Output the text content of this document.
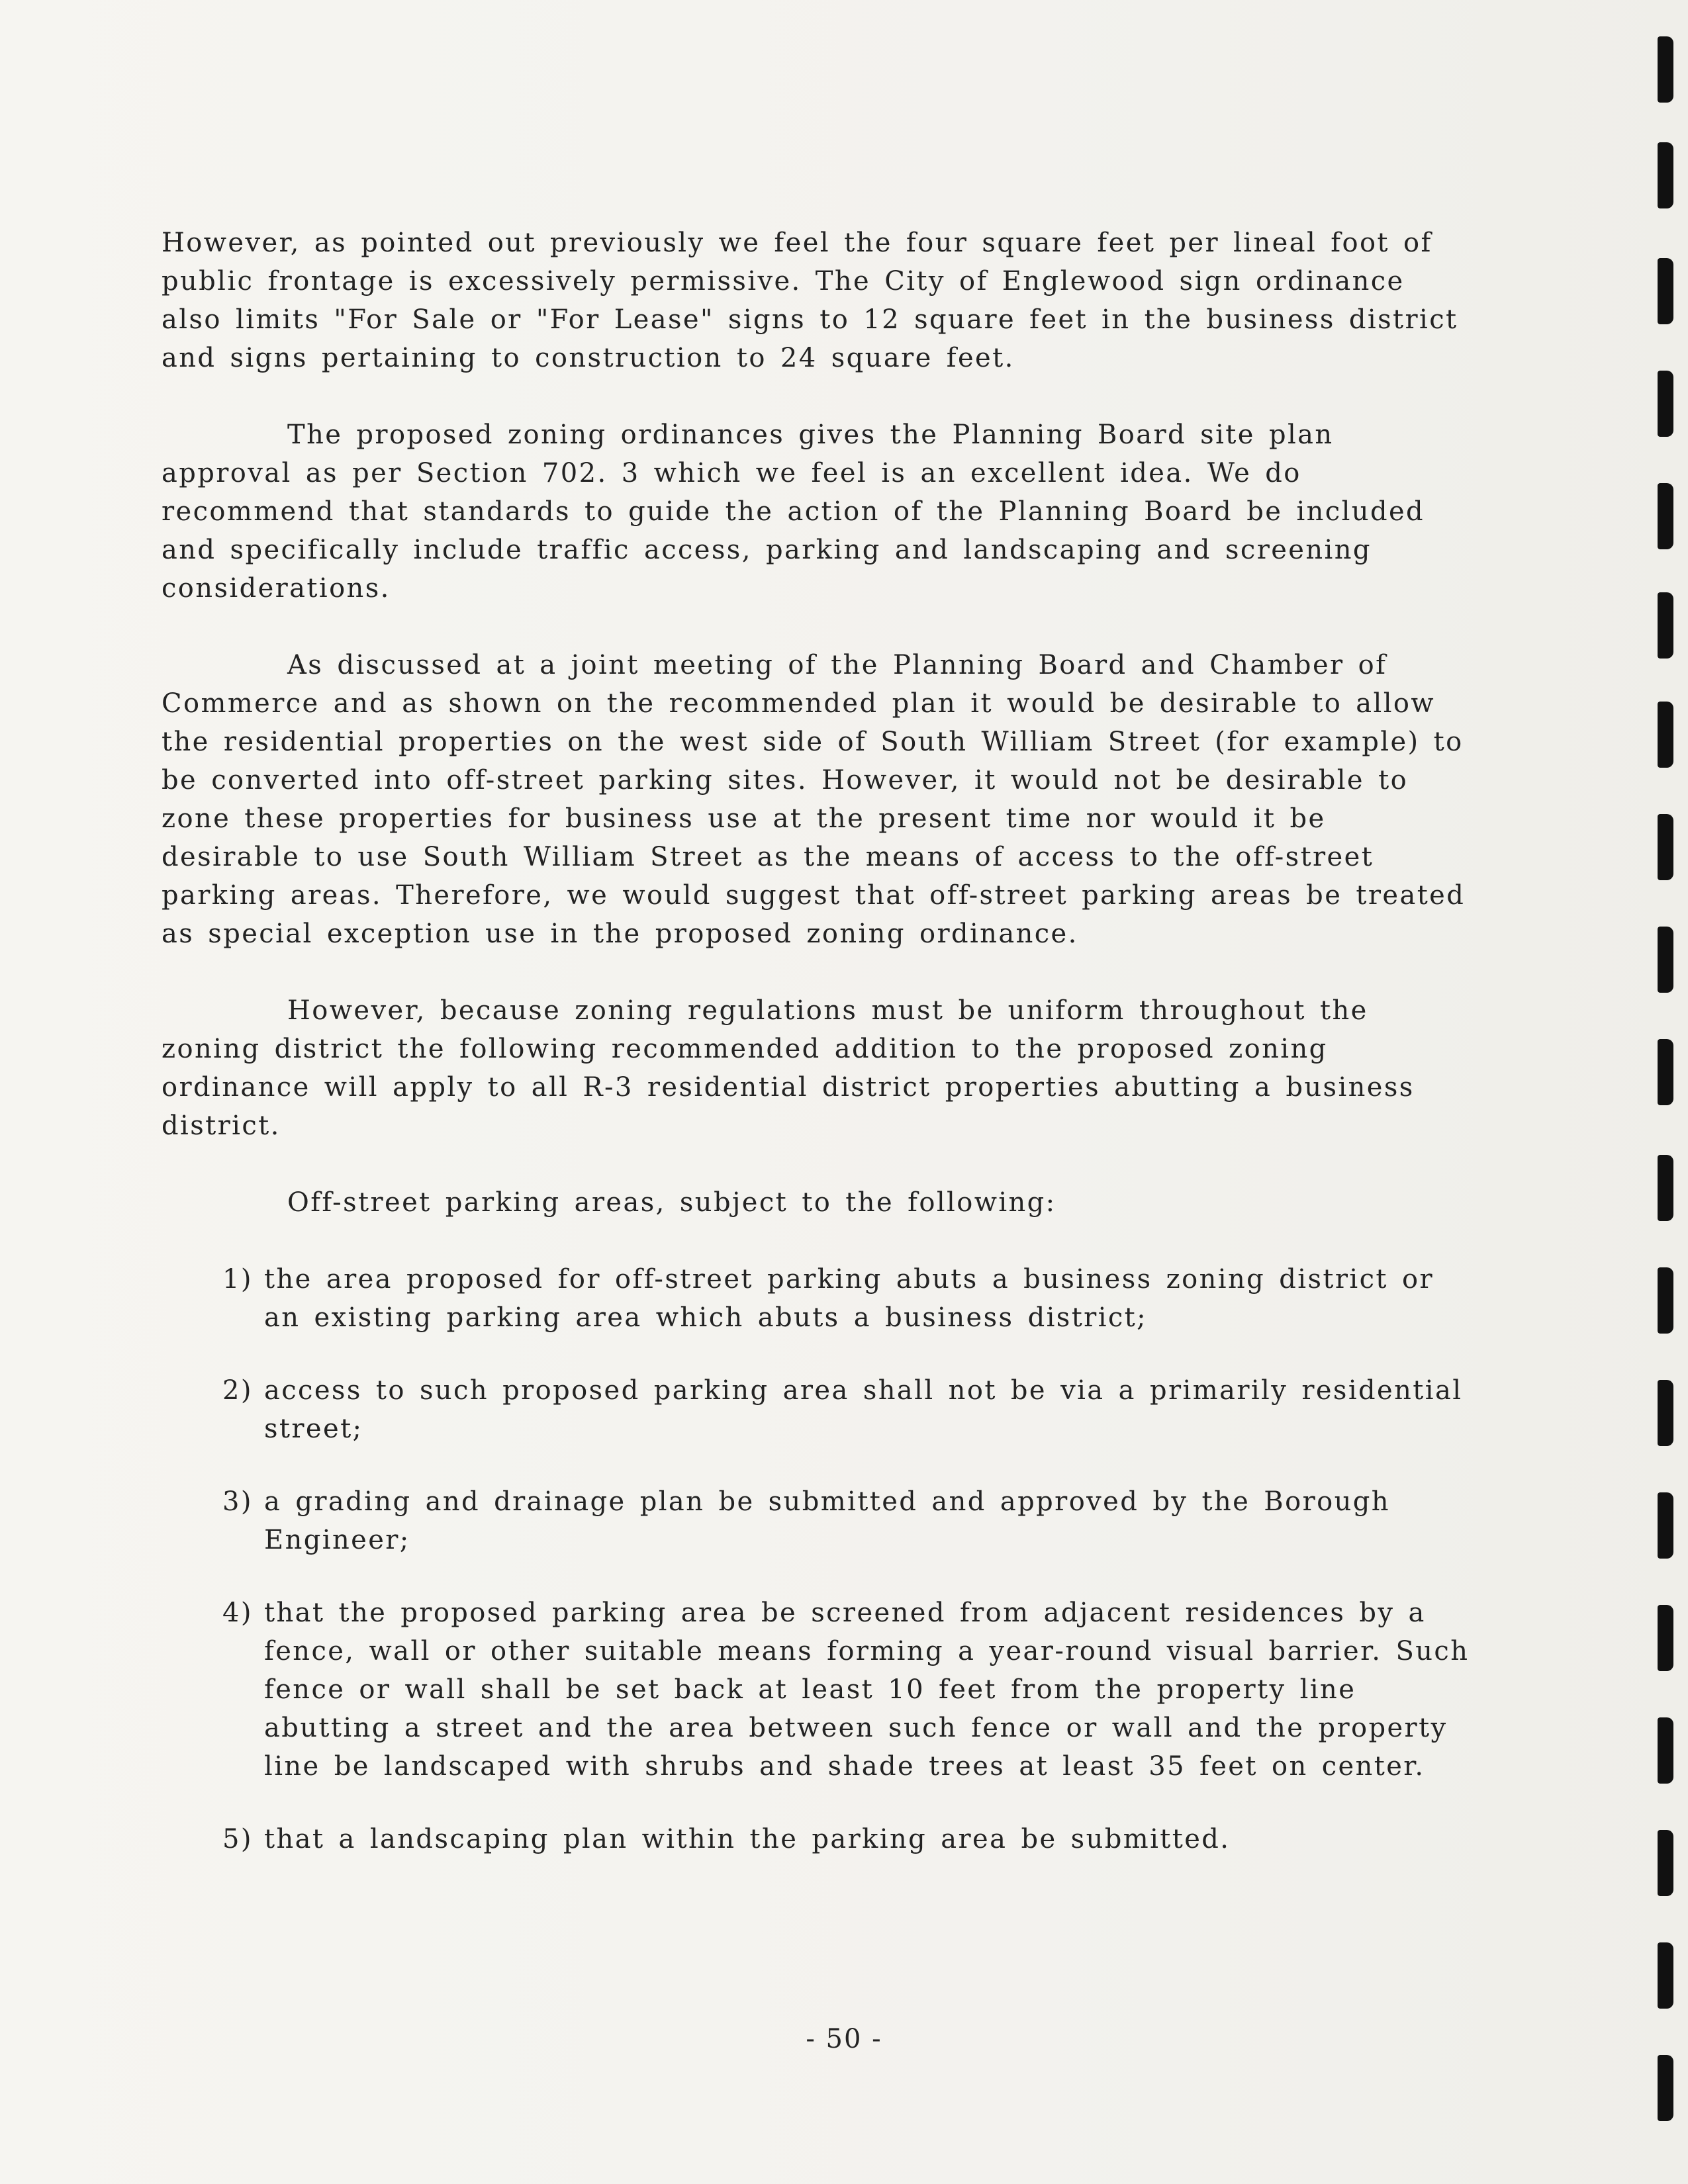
However, as pointed out previously we feel the four square feet per lineal foot of public frontage is excessively permissive. The City of Englewood sign ordinance also limits "For Sale or "For Lease" signs to 12 square feet in the business district and signs pertaining to construction to 24 square feet.

The proposed zoning ordinances gives the Planning Board site plan approval as per Section 702. 3 which we feel is an excellent idea. We do recommend that standards to guide the action of the Planning Board be included and specifically include traffic access, parking and landscaping and screening considerations.

As discussed at a joint meeting of the Planning Board and Chamber of Commerce and as shown on the recommended plan it would be desirable to allow the residential properties on the west side of South William Street (for example) to be converted into off-street parking sites. However, it would not be desirable to zone these properties for business use at the present time nor would it be desirable to use South William Street as the means of access to the off-street parking areas. Therefore, we would suggest that off-street parking areas be treated as special exception use in the proposed zoning ordinance.

However, because zoning regulations must be uniform throughout the zoning district the following recommended addition to the proposed zoning ordinance will apply to all R-3 residential district properties abutting a business district.

Off-street parking areas, subject to the following:

1) the area proposed for off-street parking abuts a business zoning district or an existing parking area which abuts a business district;
2) access to such proposed parking area shall not be via a primarily residential street;
3) a grading and drainage plan be submitted and approved by the Borough Engineer;
4) that the proposed parking area be screened from adjacent residences by a fence, wall or other suitable means forming a year-round visual barrier. Such fence or wall shall be set back at least 10 feet from the property line abutting a street and the area between such fence or wall and the property line be landscaped with shrubs and shade trees at least 35 feet on center.
5) that a landscaping plan within the parking area be submitted.
- 50 -
